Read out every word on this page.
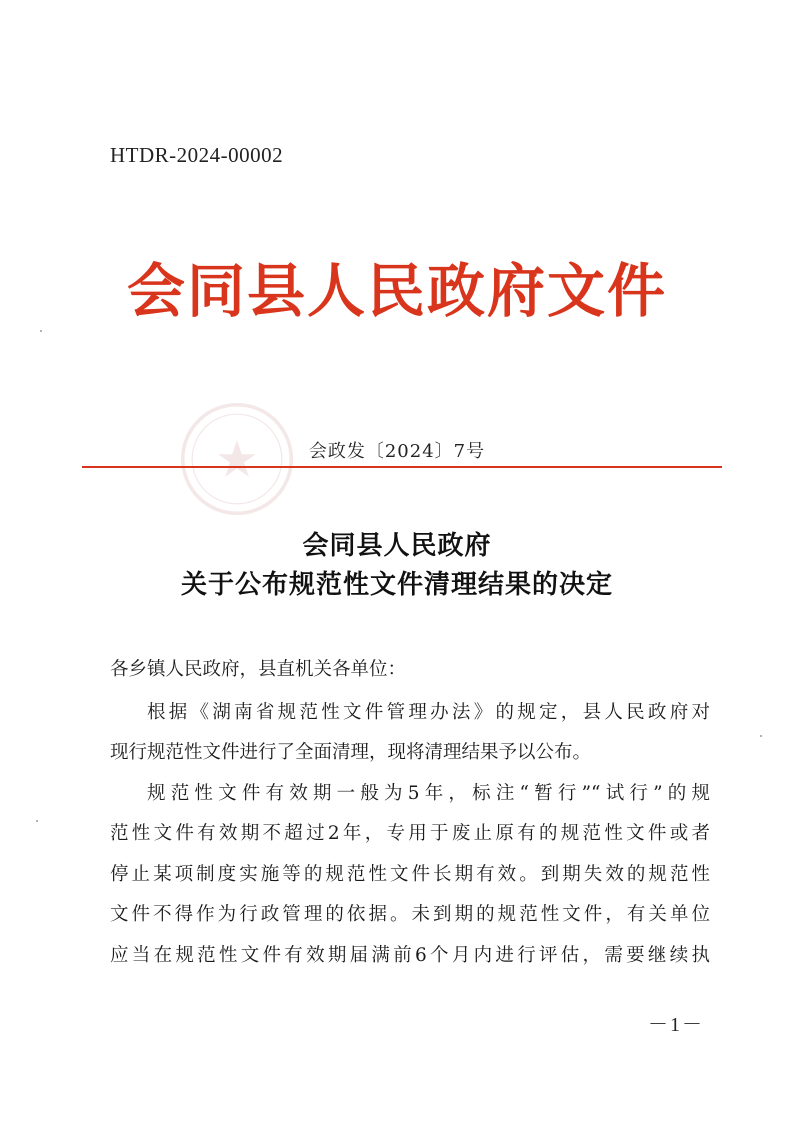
HTDR-2024-00002
会同县人民政府文件
会政发〔2024〕7号
会同县人民政府
关于公布规范性文件清理结果的决定
各乡镇人民政府，县直机关各单位：
根据《湖南省规范性文件管理办法》的规定，县人民政府对
现行规范性文件进行了全面清理，现将清理结果予以公布。
规范性文件有效期一般为5年，标注“暂行”“试行”的规
范性文件有效期不超过2年，专用于废止原有的规范性文件或者
停止某项制度实施等的规范性文件长期有效。到期失效的规范性
文件不得作为行政管理的依据。未到期的规范性文件，有关单位
应当在规范性文件有效期届满前6个月内进行评估，需要继续执
－1－
